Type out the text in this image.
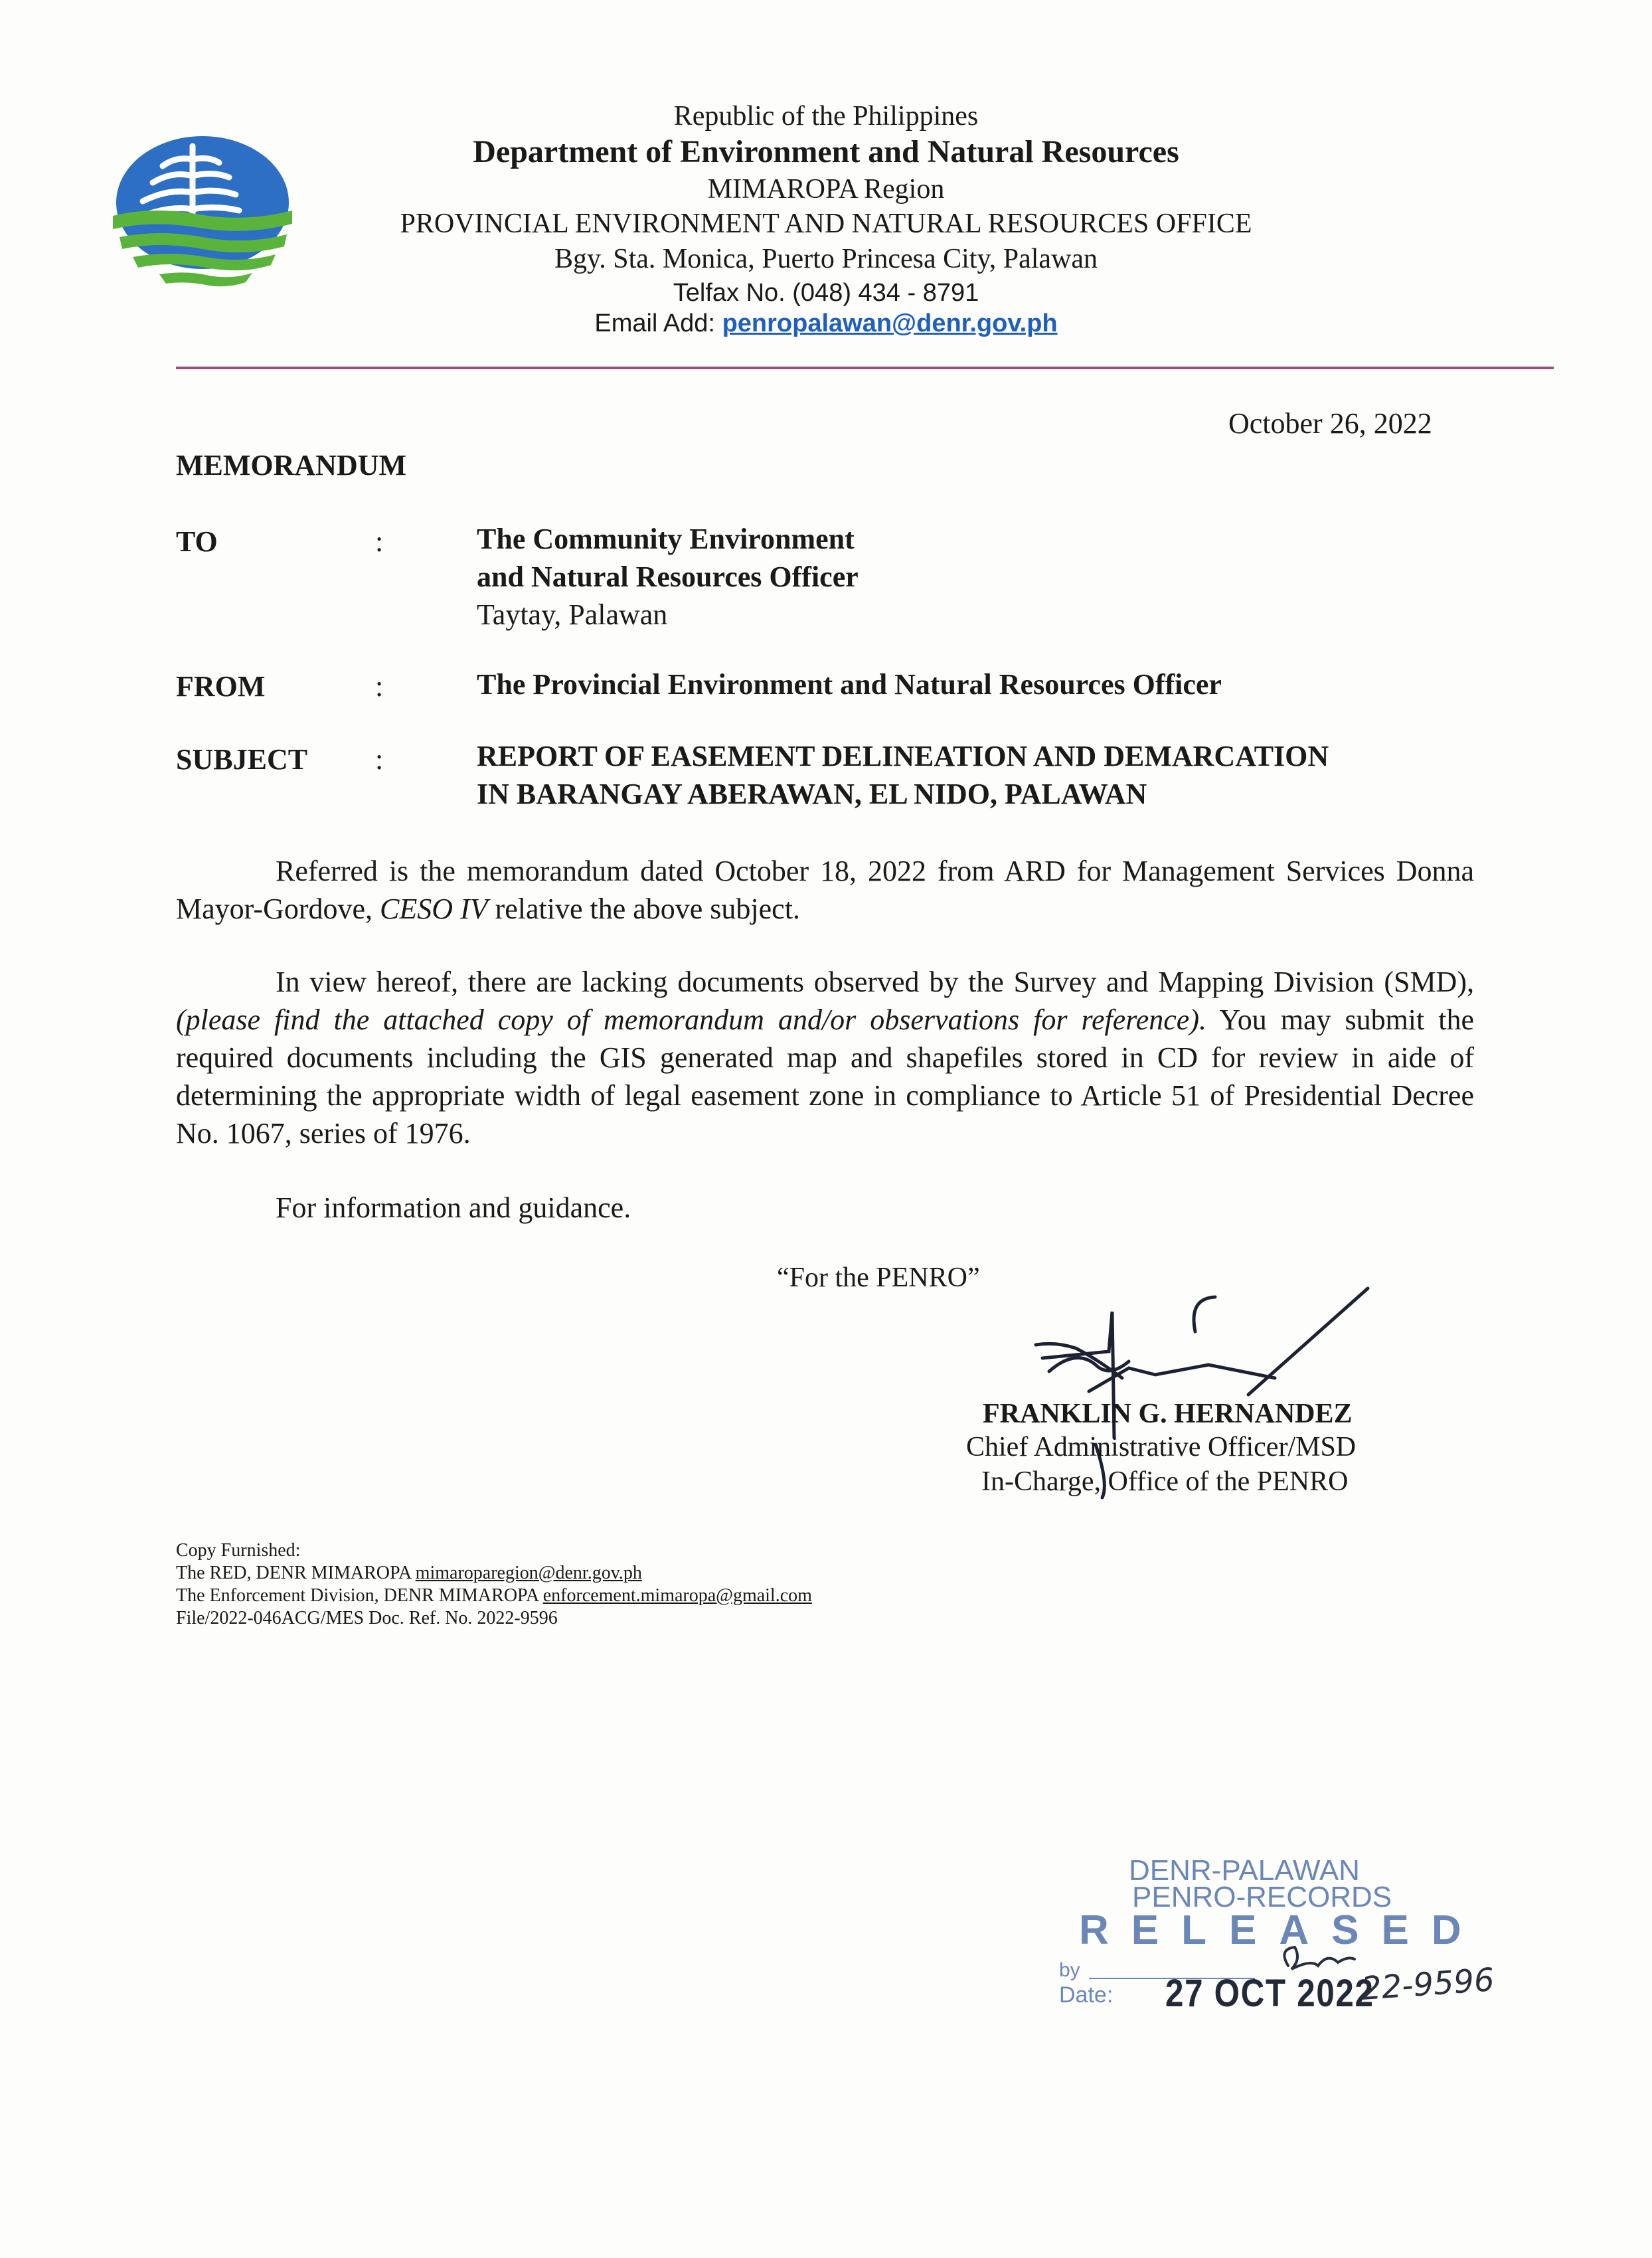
Republic of the Philippines
Department of Environment and Natural Resources
MIMAROPA Region
PROVINCIAL ENVIRONMENT AND NATURAL RESOURCES OFFICE
Bgy. Sta. Monica, Puerto Princesa City, Palawan
Telfax No. (048) 434 - 8791
Email Add: penropalawan@denr.gov.ph
October 26, 2022
MEMORANDUM
TO	:	The Community Environment
and Natural Resources Officer
Taytay, Palawan
FROM	:	The Provincial Environment and Natural Resources Officer
SUBJECT :	REPORT OF EASEMENT DELINEATION AND DEMARCATION
IN BARANGAY ABERAWAN, EL NIDO, PALAWAN
Referred is the memorandum dated October 18, 2022 from ARD for Management Services Donna Mayor-Gordove, CESO IV relative the above subject.
In view hereof, there are lacking documents observed by the Survey and Mapping Division (SMD), (please find the attached copy of memorandum and/or observations for reference). You may submit the required documents including the GIS generated map and shapefiles stored in CD for review in aide of determining the appropriate width of legal easement zone in compliance to Article 51 of Presidential Decree No. 1067, series of 1976.
For information and guidance.
“For the PENRO”
FRANKLIN G. HERNANDEZ
Chief Administrative Officer/MSD
In-Charge, Office of the PENRO
Copy Furnished:
The RED, DENR MIMAROPA mimaroparegion@denr.gov.ph
The Enforcement Division, DENR MIMAROPA enforcement.mimaropa@gmail.com
File/2022-046ACG/MES Doc. Ref. No. 2022-9596
DENR-PALAWAN
PENRO-RECORDS
RELEASED
by
Date: 27 OCT 2022
22-9596
